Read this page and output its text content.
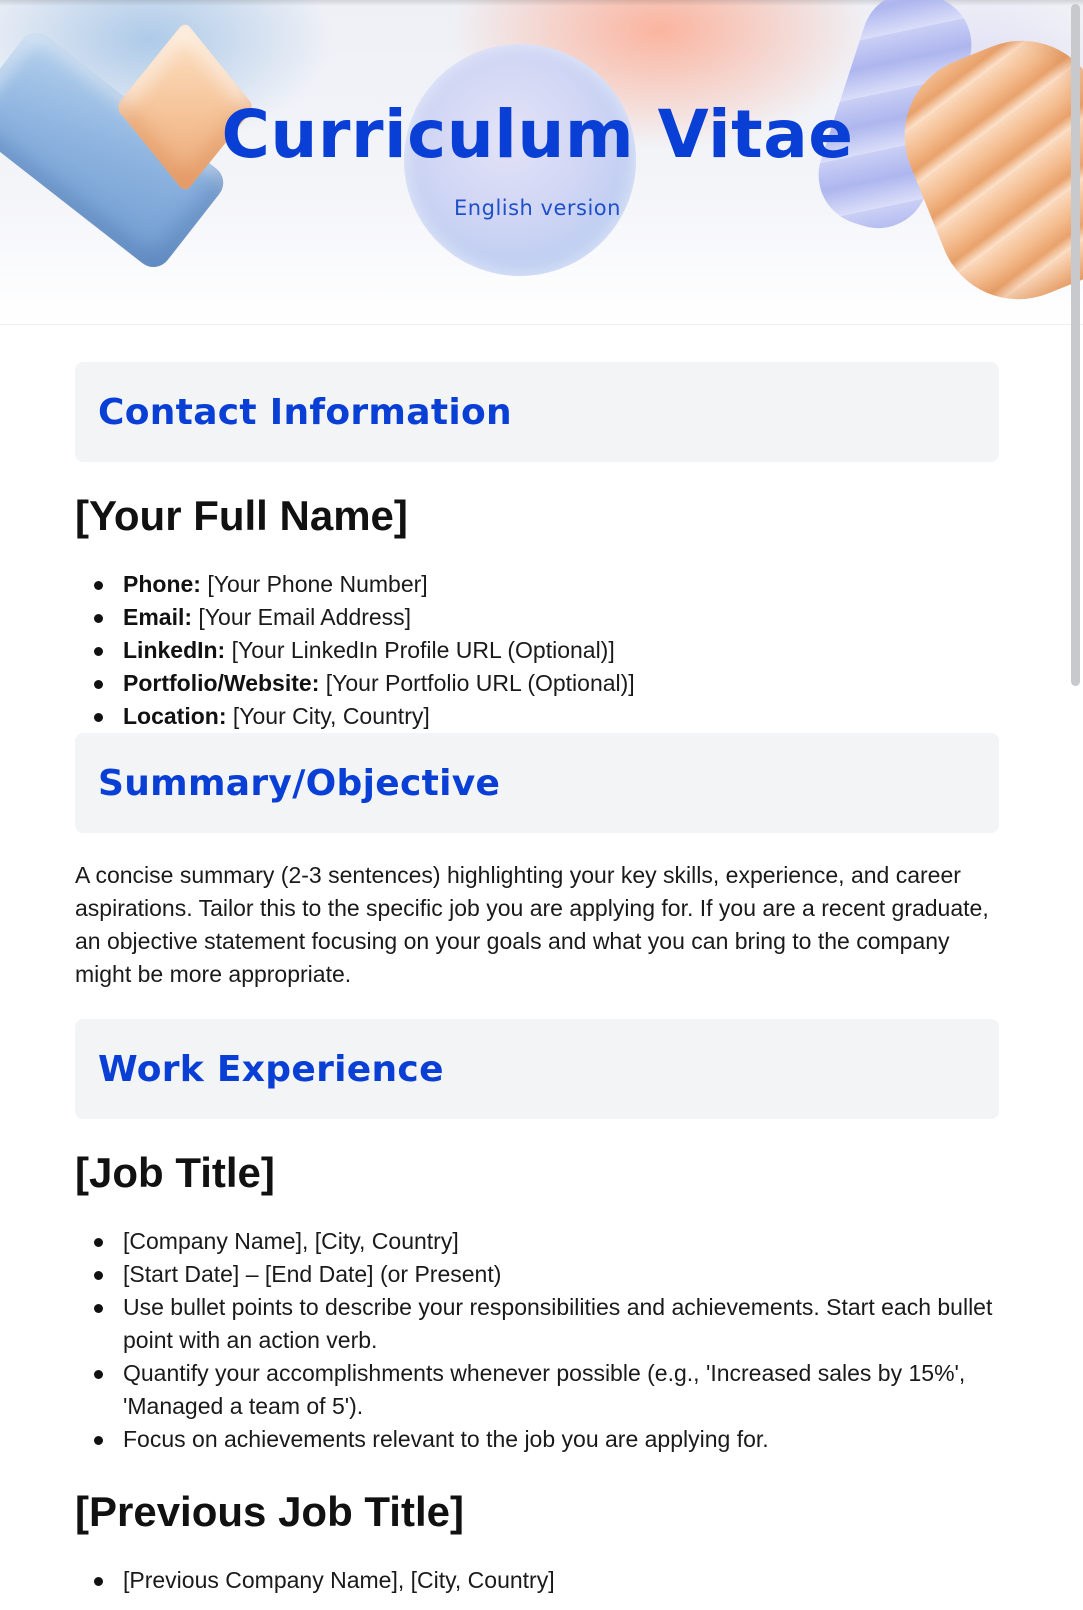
Curriculum Vitae

English version

Contact Information
[Your Full Name]
Phone: [Your Phone Number]
Email: [Your Email Address]
LinkedIn: [Your LinkedIn Profile URL (Optional)]
Portfolio/Website: [Your Portfolio URL (Optional)]
Location: [Your City, Country]
Summary/Objective

A concise summary (2-3 sentences) highlighting your key skills, experience, and career aspirations. Tailor this to the specific job you are applying for. If you are a recent graduate, an objective statement focusing on your goals and what you can bring to the company might be more appropriate.

Work Experience
[Job Title]
[Company Name], [City, Country]
[Start Date] – [End Date] (or Present)
Use bullet points to describe your responsibilities and achievements. Start each bullet point with an action verb.
Quantify your accomplishments whenever possible (e.g., 'Increased sales by 15%', 'Managed a team of 5').
Focus on achievements relevant to the job you are applying for.
[Previous Job Title]
[Previous Company Name], [City, Country]
